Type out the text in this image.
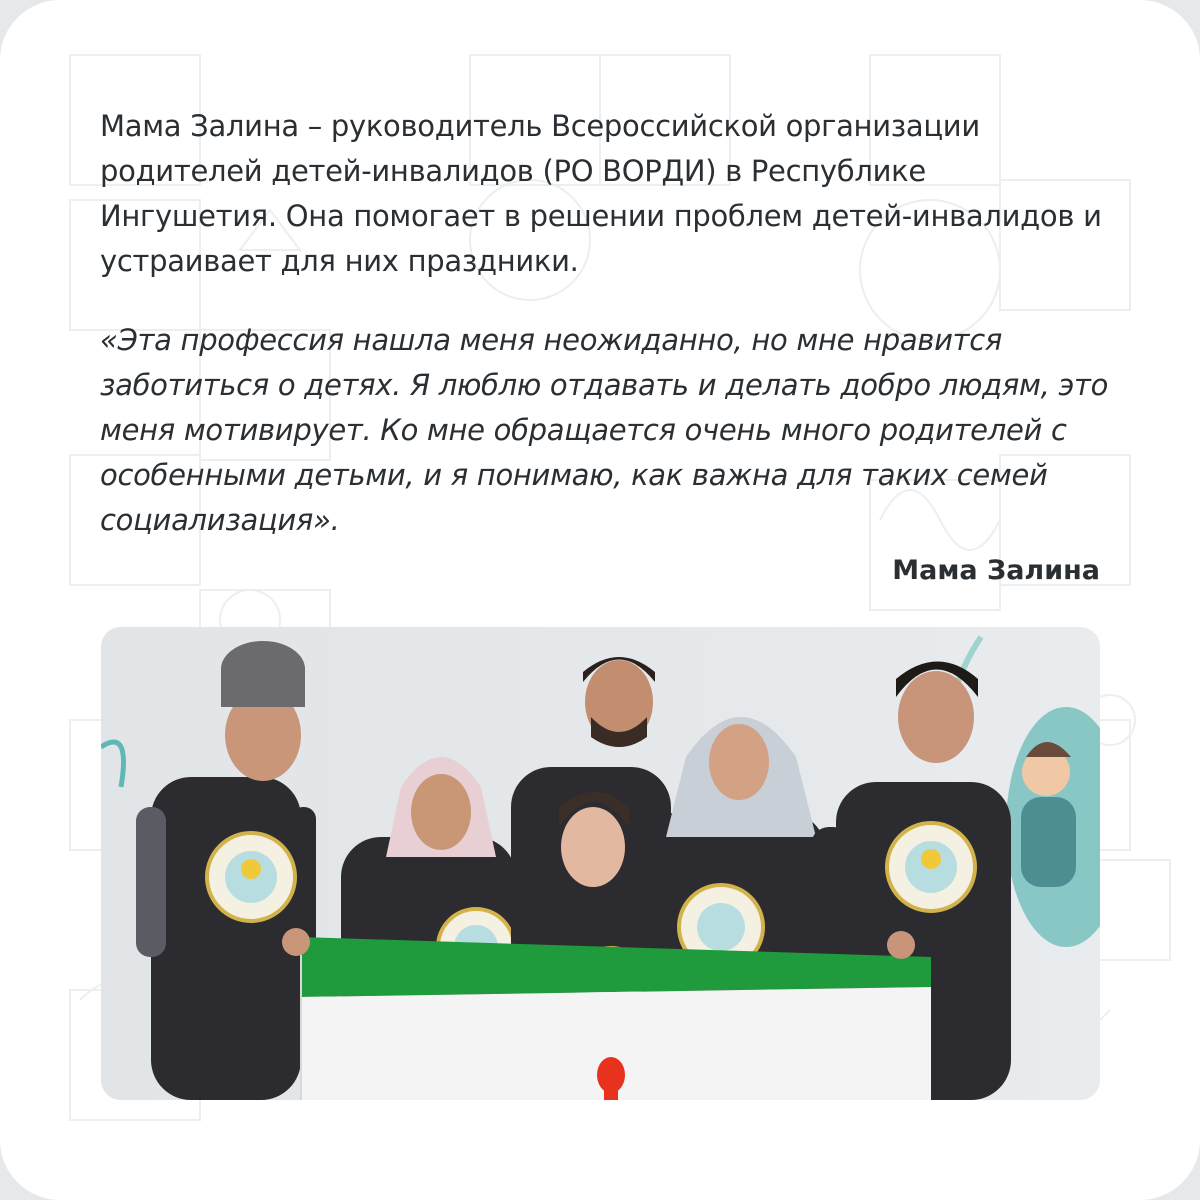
Мама Залина – руководитель Всероссийской организации родителей детей-инвалидов (РО ВОРДИ) в Республике Ингушетия. Она помогает в решении проблем детей-инвалидов и устраивает для них праздники.

«Эта профессия нашла меня неожиданно, но мне нравится заботиться о детях. Я люблю отдавать и делать добро людям, это меня мотивирует. Ко мне обращается очень много родителей с особенными детьми, и я понимаю, как важна для таких семей социализация».

Мама Залина
